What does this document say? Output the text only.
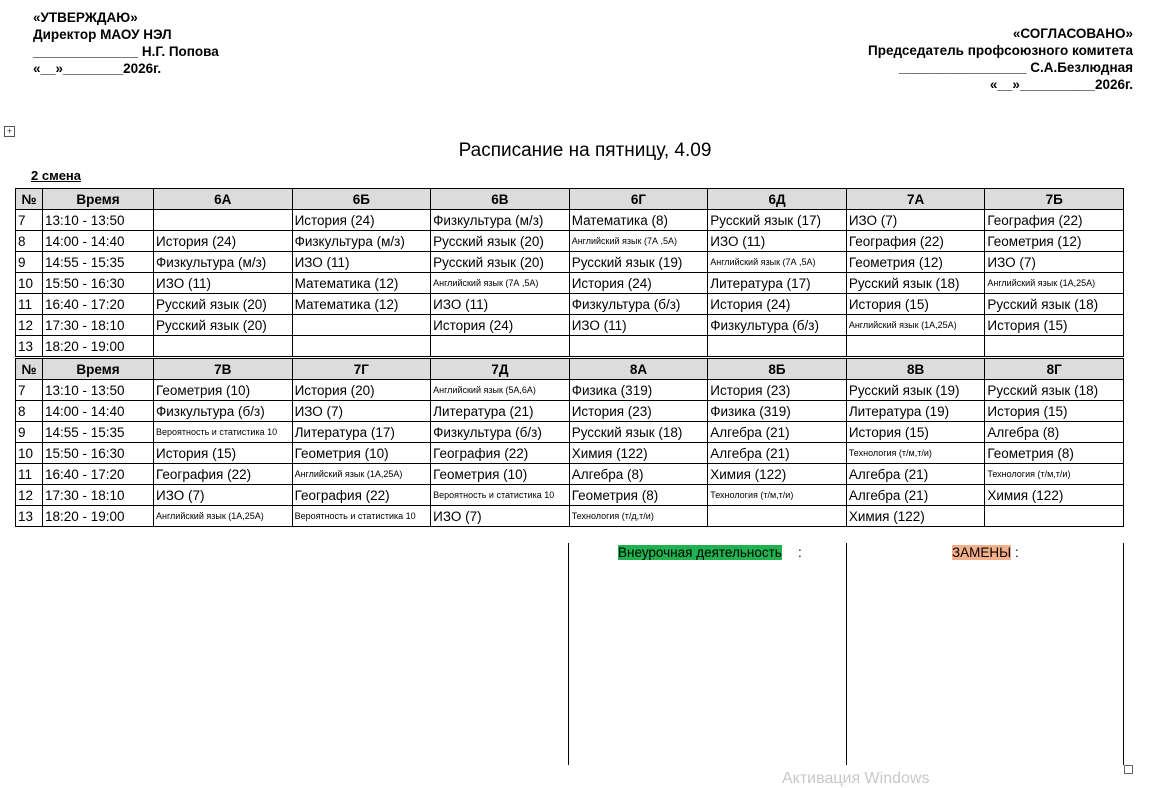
«УТВЕРЖДАЮ»
Директор МАОУ НЭЛ
______________ Н.Г. Попова
«__»________2026г.
«СОГЛАСОВАНО»
Председатель профсоюзного комитета
_________________ С.А.Безлюдная
«__»__________2026г.
+
Расписание на пятницу, 4.09
2 смена
№	Время	6А	6Б	6В	6Г	6Д	7А	7Б
7	13:10 - 13:50		История (24)	Физкультура (м/з)	Математика (8)	Русский язык (17)	ИЗО (7)	География (22)
8	14:00 - 14:40	История (24)	Физкультура (м/з)	Русский язык (20)	Английский язык (7А ,5А)	ИЗО (11)	География (22)	Геометрия (12)
9	14:55 - 15:35	Физкультура (м/з)	ИЗО (11)	Русский язык (20)	Русский язык (19)	Английский язык (7А ,5А)	Геометрия (12)	ИЗО (7)
10	15:50 - 16:30	ИЗО (11)	Математика (12)	Английский язык (7А ,5А)	История (24)	Литература (17)	Русский язык (18)	Английский язык (1А,25А)
11	16:40 - 17:20	Русский язык (20)	Математика (12)	ИЗО (11)	Физкультура (б/з)	История (24)	История (15)	Русский язык (18)
12	17:30 - 18:10	Русский язык (20)		История (24)	ИЗО (11)	Физкультура (б/з)	Английский язык (1А,25А)	История (15)
13	18:20 - 19:00							
№	Время	7В	7Г	7Д	8А	8Б	8В	8Г
7	13:10 - 13:50	Геометрия (10)	История (20)	Английский язык (5А,6А)	Физика (319)	История (23)	Русский язык (19)	Русский язык (18)
8	14:00 - 14:40	Физкультура (б/з)	ИЗО (7)	Литература (21)	История (23)	Физика (319)	Литература (19)	История (15)
9	14:55 - 15:35	Вероятность и статистика 10	Литература (17)	Физкультура (б/з)	Русский язык (18)	Алгебра (21)	История (15)	Алгебра (8)
10	15:50 - 16:30	История (15)	Геометрия (10)	География (22)	Химия (122)	Алгебра (21)	Технология (т/м,т/и)	Геометрия (8)
11	16:40 - 17:20	География (22)	Английский язык (1А,25А)	Геометрия (10)	Алгебра (8)	Химия (122)	Алгебра (21)	Технология (т/м,т/и)
12	17:30 - 18:10	ИЗО (7)	География (22)	Вероятность и статистика 10	Геометрия (8)	Технология (т/м,т/и)	Алгебра (21)	Химия (122)
13	18:20 - 19:00	Английский язык (1А,25А)	Вероятность и статистика 10	ИЗО (7)	Технология (т/д,т/и)		Химия (122)	
Внеурочная деятельность :	ЗАМЕНЫ :
Активация Windows
